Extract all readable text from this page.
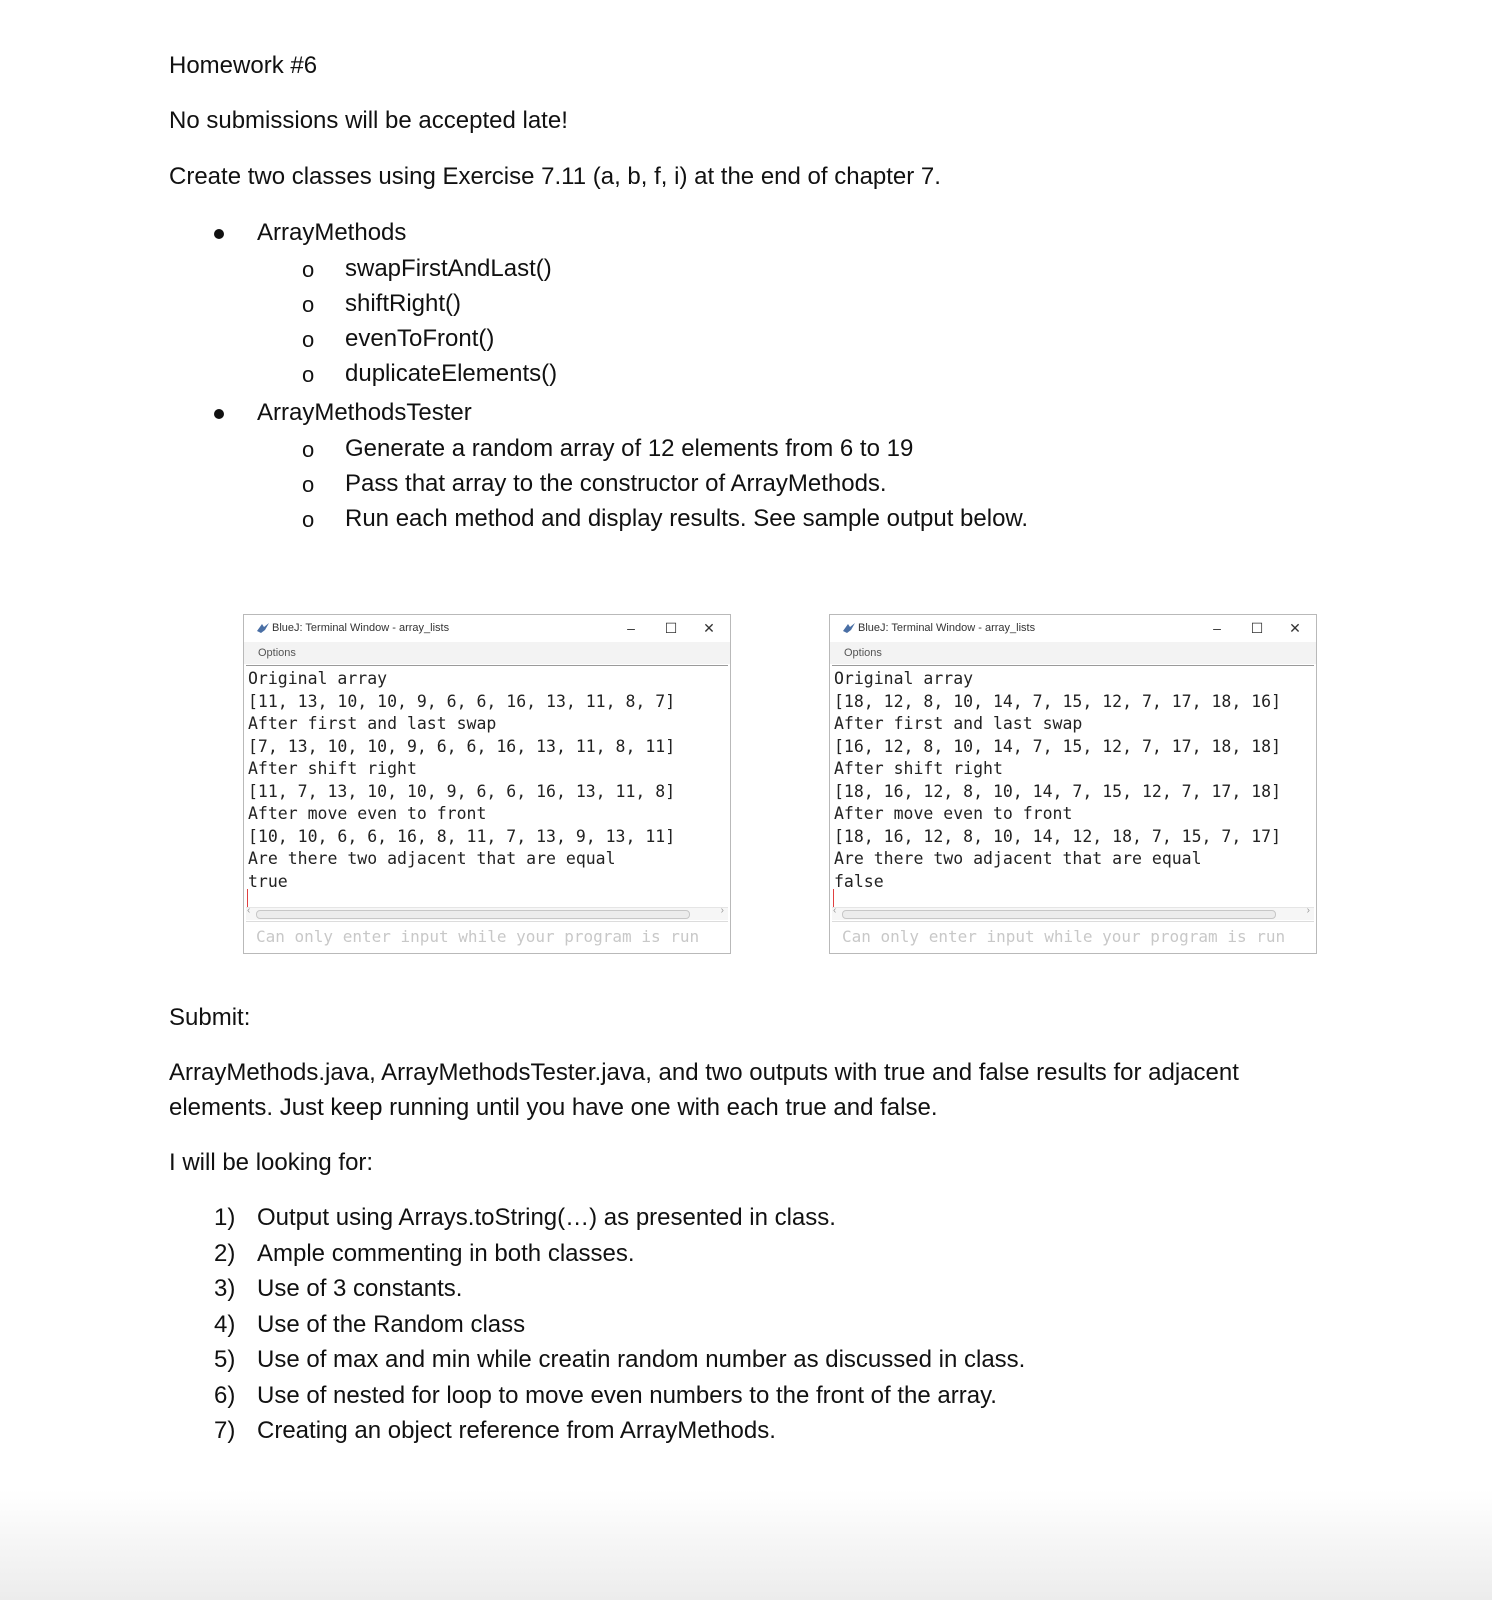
Homework #6
No submissions will be accepted late!
Create two classes using Exercise 7.11 (a, b, f, i) at the end of chapter 7.
ArrayMethods
o swapFirstAndLast()
o shiftRight()
o evenToFront()
o duplicateElements()
ArrayMethodsTester
o Generate a random array of 12 elements from 6 to 19
o Pass that array to the constructor of ArrayMethods.
o Run each method and display results. See sample output below.
BlueJ: Terminal Window - array_lists	–	☐	✕
Options
Original array
[11, 13, 10, 10, 9, 6, 6, 16, 13, 11, 8, 7]
After first and last swap
[7, 13, 10, 10, 9, 6, 6, 16, 13, 11, 8, 11]
After shift right
[11, 7, 13, 10, 10, 9, 6, 6, 16, 13, 11, 8]
After move even to front
[10, 10, 6, 6, 16, 8, 11, 7, 13, 9, 13, 11]
Are there two adjacent that are equal
true
‹	›
Can only enter input while your program is run
BlueJ: Terminal Window - array_lists	–	☐	✕
Options
Original array
[18, 12, 8, 10, 14, 7, 15, 12, 7, 17, 18, 16]
After first and last swap
[16, 12, 8, 10, 14, 7, 15, 12, 7, 17, 18, 18]
After shift right
[18, 16, 12, 8, 10, 14, 7, 15, 12, 7, 17, 18]
After move even to front
[18, 16, 12, 8, 10, 14, 12, 18, 7, 15, 7, 17]
Are there two adjacent that are equal
false
‹	›
Can only enter input while your program is run
Submit:
ArrayMethods.java, ArrayMethodsTester.java, and two outputs with true and false results for adjacent
elements. Just keep running until you have one with each true and false.
I will be looking for:
1) Output using Arrays.toString(…) as presented in class.
2) Ample commenting in both classes.
3) Use of 3 constants.
4) Use of the Random class
5) Use of max and min while creatin random number as discussed in class.
6) Use of nested for loop to move even numbers to the front of the array.
7) Creating an object reference from ArrayMethods.
